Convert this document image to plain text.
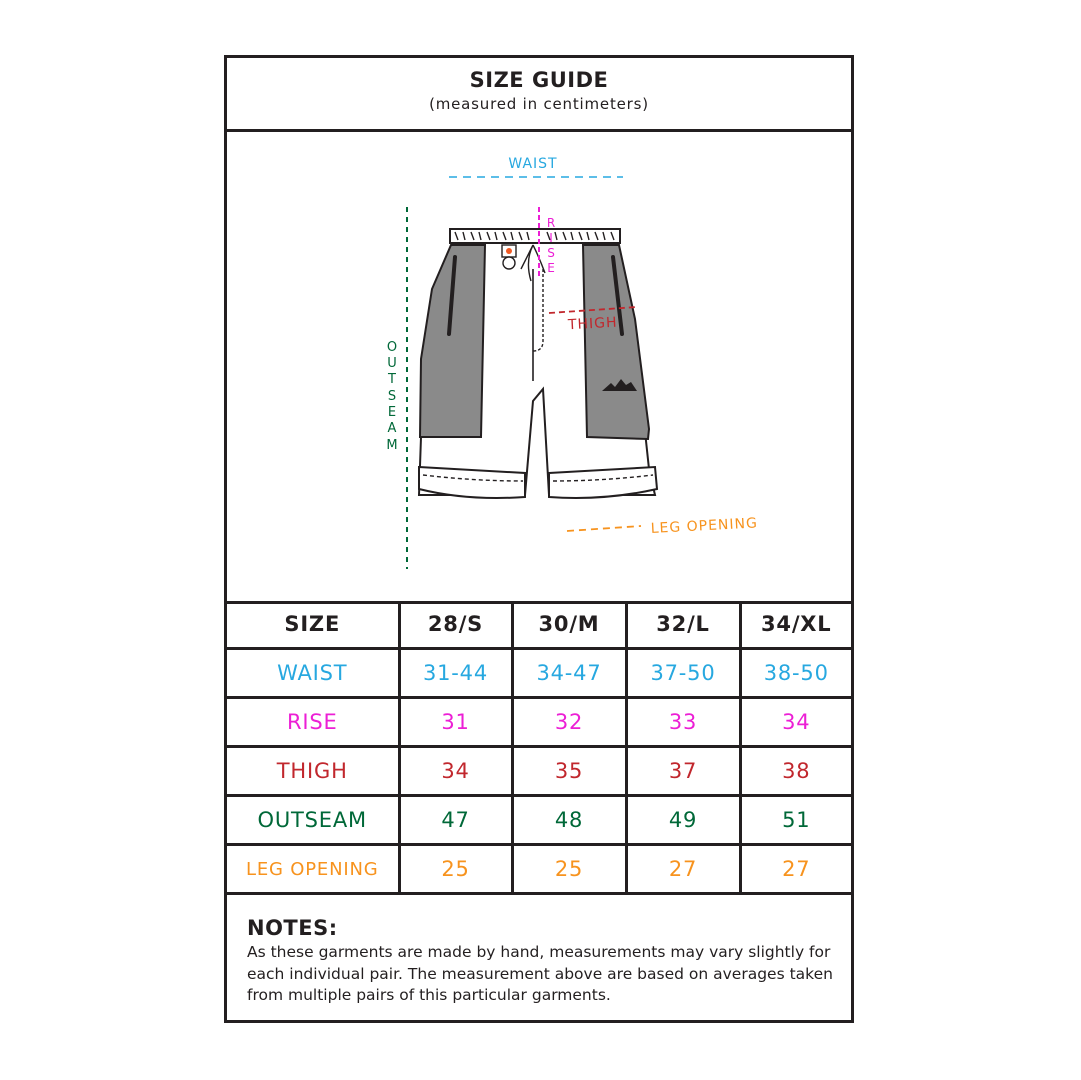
SIZE GUIDE
(measured in centimeters)
WAIST
O
U
T
S
E
A
M
R
I
S
E
THIGH
LEG OPENING
SIZE	28/S	30/M	32/L	34/XL
WAIST	31-44	34-47	37-50	38-50
RISE	31	32	33	34
THIGH	34	35	37	38
OUTSEAM	47	48	49	51
LEG OPENING	25	25	27	27
NOTES:
As these garments are made by hand, measurements may vary slightly for each individual pair. The measurement above are based on averages taken from multiple pairs of this particular garments.
